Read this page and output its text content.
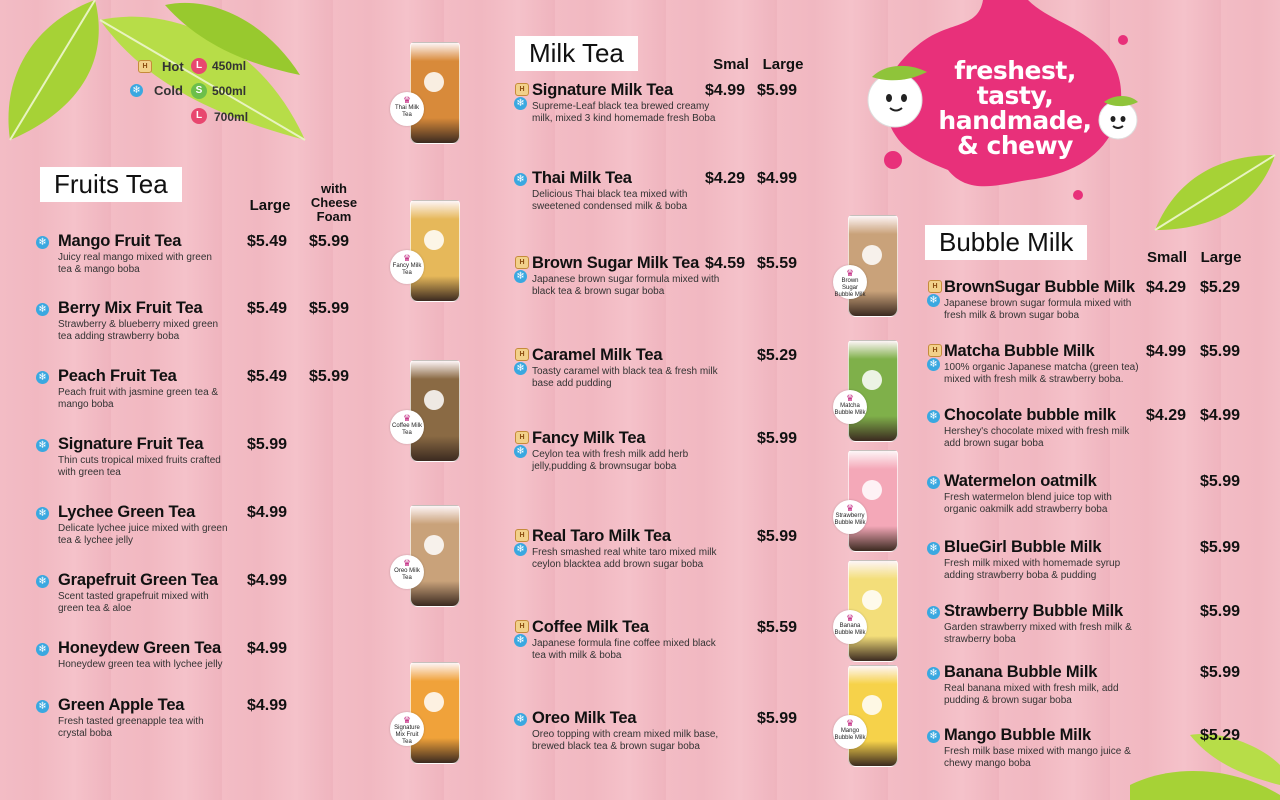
H	Hot
❄ Cold
L 450ml
S 500ml
L 700ml
freshest,
tasty,
handmade,
& chewy
Fruits Tea
Large
with Cheese Foam
❄ Mango Fruit Tea
Juicy real mango mixed with green tea & mango boba
$5.49 $5.99
❄ Berry Mix Fruit Tea
Strawberry & blueberry mixed green tea adding strawberry boba
$5.49 $5.99
❄ Peach Fruit Tea
Peach fruit with jasmine green tea & mango boba
$5.49 $5.99
❄ Signature Fruit Tea
Thin cuts tropical mixed fruits crafted with green tea
$5.99
❄ Lychee Green Tea
Delicate lychee juice mixed with green tea & lychee jelly
$4.99
❄ Grapefruit Green Tea
Scent tasted grapefruit mixed with green tea & aloe
$4.99
❄ Honeydew Green Tea
Honeydew green tea with lychee jelly
$4.99
❄ Green Apple Tea
Fresh tasted greenapple tea with crystal boba
$4.99
Milk Tea	Smal Large
H
❄
Signature Milk Tea
Supreme-Leaf black tea brewed creamy milk, mixed 3 kind homemade fresh Boba
$4.99 $5.99
❄ Thai Milk Tea
Delicious Thai black tea mixed with sweetened condensed milk & boba
$4.29 $4.99
H
❄
Brown Sugar Milk Tea
Japanese brown sugar formula mixed with black tea & brown sugar boba
$4.59 $5.59
H
❄
Caramel Milk Tea
Toasty caramel with black tea & fresh milk base add pudding
$5.29
H
❄
Fancy Milk Tea
Ceylon tea with fresh milk add herb jelly,pudding & brownsugar boba
$5.99
H
❄
Real Taro Milk Tea
Fresh smashed real white taro mixed milk ceylon blacktea add brown sugar boba
$5.99
H
❄
Coffee Milk Tea
Japanese formula fine coffee mixed black tea with milk & boba
$5.59
❄ Oreo Milk Tea
Oreo topping with cream mixed milk base, brewed black tea & brown sugar boba
$5.99
Bubble Milk
Small Large
H
❄
BrownSugar Bubble Milk
Japanese brown sugar formula mixed with fresh milk & brown sugar boba
$4.29 $5.29
H
❄
Matcha Bubble Milk
100% organic Japanese matcha (green tea) mixed with fresh milk & strawberry boba.
$4.99 $5.99
❄ Chocolate bubble milk
Hershey's chocolate mixed with fresh milk add brown sugar boba
$4.29 $4.99
❄ Watermelon oatmilk
Fresh watermelon blend juice top with organic oakmilk add strawberry boba
$5.99
❄ BlueGirl Bubble Milk
Fresh milk mixed with homemade syrup adding strawberry boba & pudding
$5.99
❄ Strawberry Bubble Milk
Garden strawberry mixed with fresh milk & strawberry boba
$5.99
❄ Banana Bubble Milk
Real banana mixed with fresh milk, add pudding & brown sugar boba
$5.99
❄ Mango Bubble Milk
Fresh milk base mixed with mango juice & chewy mango boba
$5.29
♛
Thai Milk Tea
♛
Fancy Milk Tea
♛
Coffee Milk Tea
♛
Oreo Milk Tea
♛
Signature Mix Fruit Tea
♛
Brown Sugar Bubble Milk
♛
Matcha Bubble Milk
♛
Strawberry Bubble Milk
♛
Banana Bubble Milk
♛
Mango Bubble Milk
